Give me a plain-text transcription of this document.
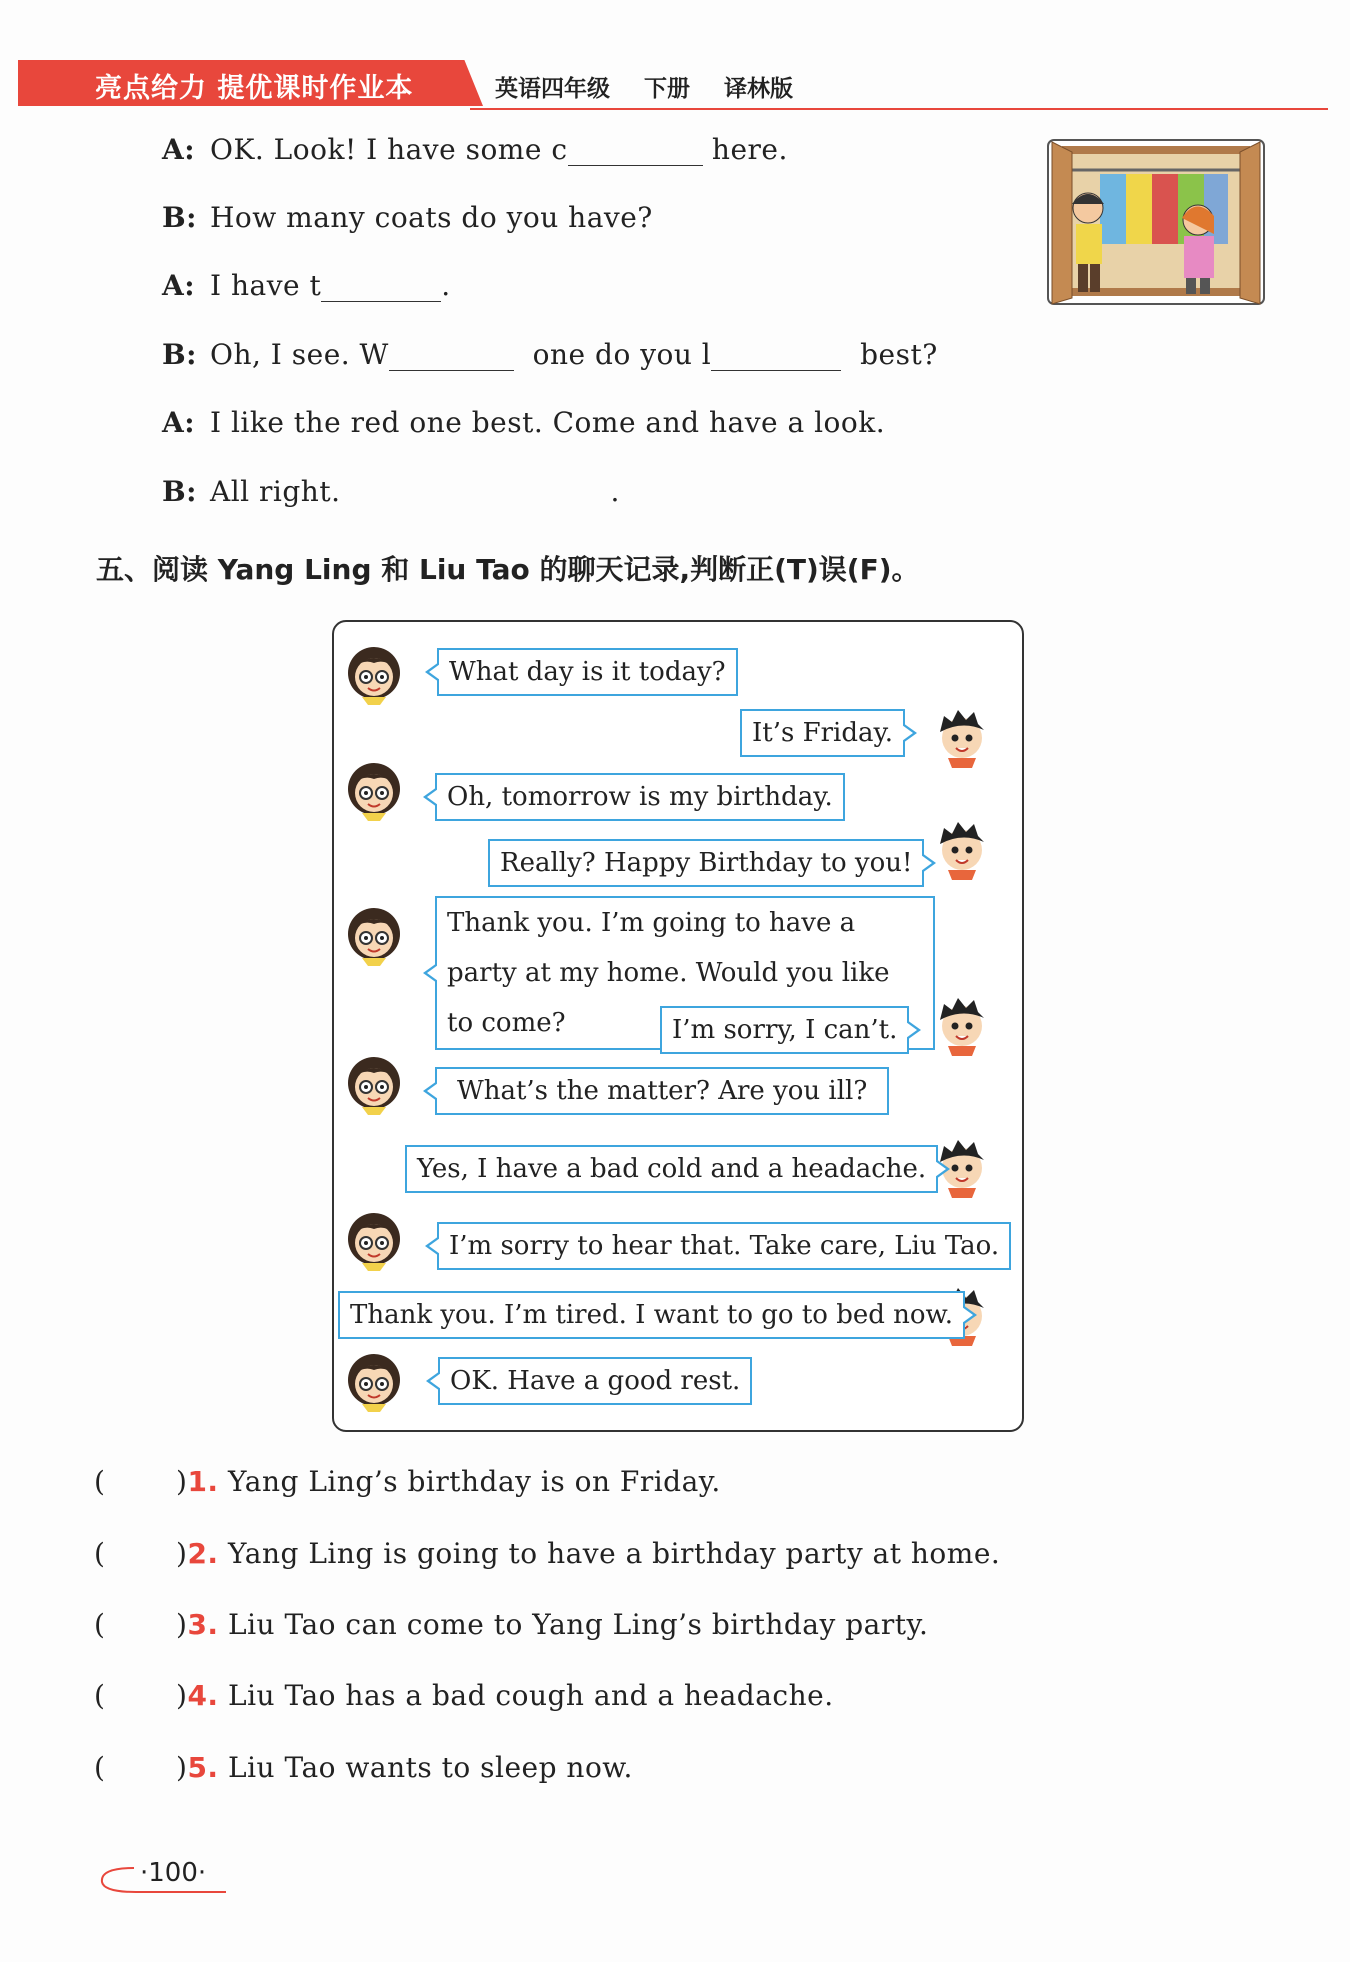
亮点给力 提优课时作业本	英语四年级 下册 译林版
A: OK. Look! I have some c	here.
B: How many coats do you have?
A: I have t	.
B: Oh, I see. W	one do you l	best?
A: I like the red one best. Come and have a look.
B: All right.	.
五、阅读 Yang Ling 和 Liu Tao 的聊天记录,判断正(T)误(F)。
What day is it today?
It’s Friday.
Oh, tomorrow is my birthday.
Really? Happy Birthday to you!
Thank you. I’m going to have a party at my home. Would you like to come?	I’m sorry, I can’t.
What’s the matter? Are you ill?
Yes, I have a bad cold and a headache.
I’m sorry to hear that. Take care, Liu Tao.
Thank you. I’m tired. I want to go to bed now.
OK. Have a good rest.
(	)1. Yang Ling’s birthday is on Friday.
(	)2. Yang Ling is going to have a birthday party at home.
(	)3. Liu Tao can come to Yang Ling’s birthday party.
(	)4. Liu Tao has a bad cough and a headache.
(	)5. Liu Tao wants to sleep now.
·100·
